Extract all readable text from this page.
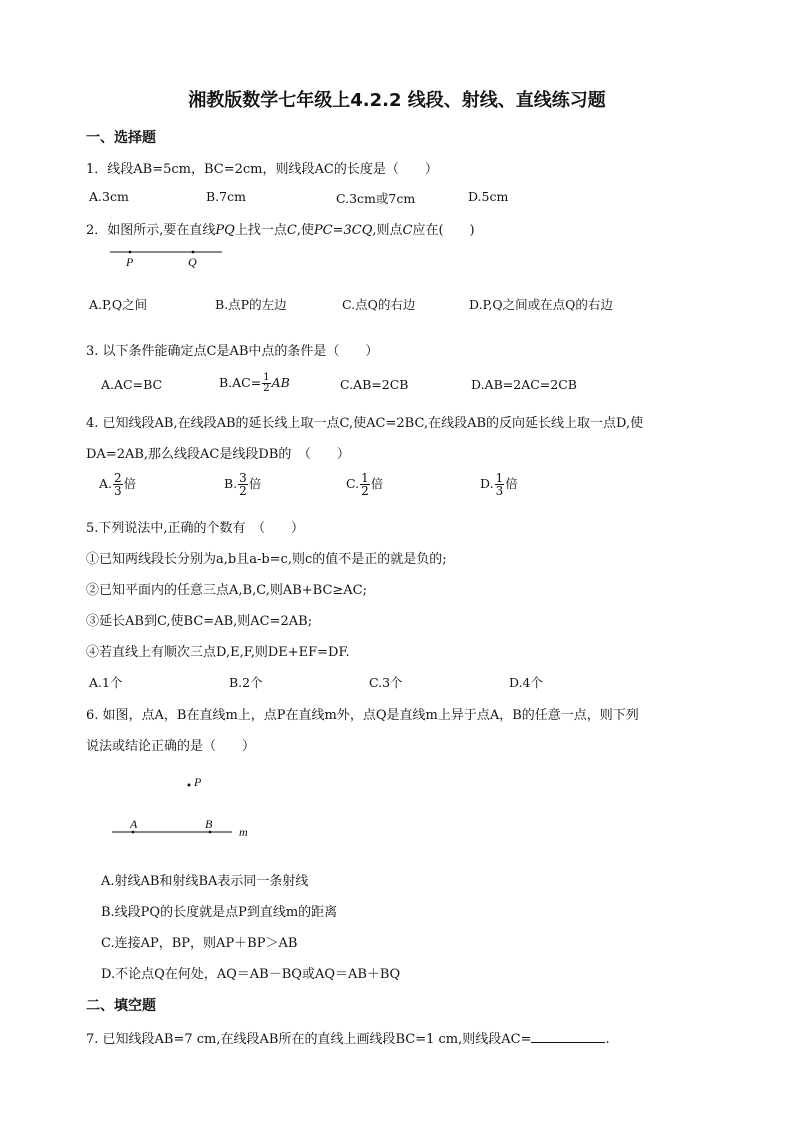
湘教版数学七年级上4.2.2 线段、射线、直线练习题
一、选择题
1．线段AB=5cm，BC=2cm，则线段AC的长度是（　　）
A.3cm	B.7cm	C.3cm或7cm	D.5cm
2．如图所示,要在直线PQ上找一点C,使PC=3CQ,则点C应在(　　)
P	Q
A.P,Q之间	B.点P的左边	C.点Q的右边	D.P,Q之间或在点Q的右边
3. 以下条件能确定点C是AB中点的条件是（　　）
A.AC=BC	$B.AC= \frac{1}{2}$ AB	C.AB=2CB	D.AB=2AC=2CB
4. 已知线段AB,在线段AB的延长线上取一点C,使AC=2BC,在线段AB的反向延长线上取一点D,使
DA=2AB,那么线段AC是线段DB的　（　　）
A. $\frac{2}{3}$ 倍	B. $\frac{3}{2}$ 倍	C. $\frac{1}{2}$ 倍	D. $\frac{1}{3}$ 倍
5.下列说法中,正确的个数有　（　　）
①已知两线段长分别为a,b且a-b=c,则c的值不是正的就是负的;
②已知平面内的任意三点A,B,C,则AB+BC≥AC;
③延长AB到C,使BC=AB,则AC=2AB;
④若直线上有顺次三点D,E,F,则DE+EF=DF.
A.1个	B.2个	C.3个	D.4个
6. 如图，点A，B在直线m上，点P在直线m外，点Q是直线m上异于点A，B的任意一点，则下列
说法或结论正确的是（　　）
P
A	B
m
A.射线AB和射线BA表示同一条射线
B.线段PQ的长度就是点P到直线m的距离
C.连接AP，BP，则AP＋BP＞AB
D.不论点Q在何处，AQ＝AB－BQ或AQ＝AB＋BQ
二、填空题
7. 已知线段AB=7 cm,在线段AB所在的直线上画线段BC=1 cm,则线段AC=	.
